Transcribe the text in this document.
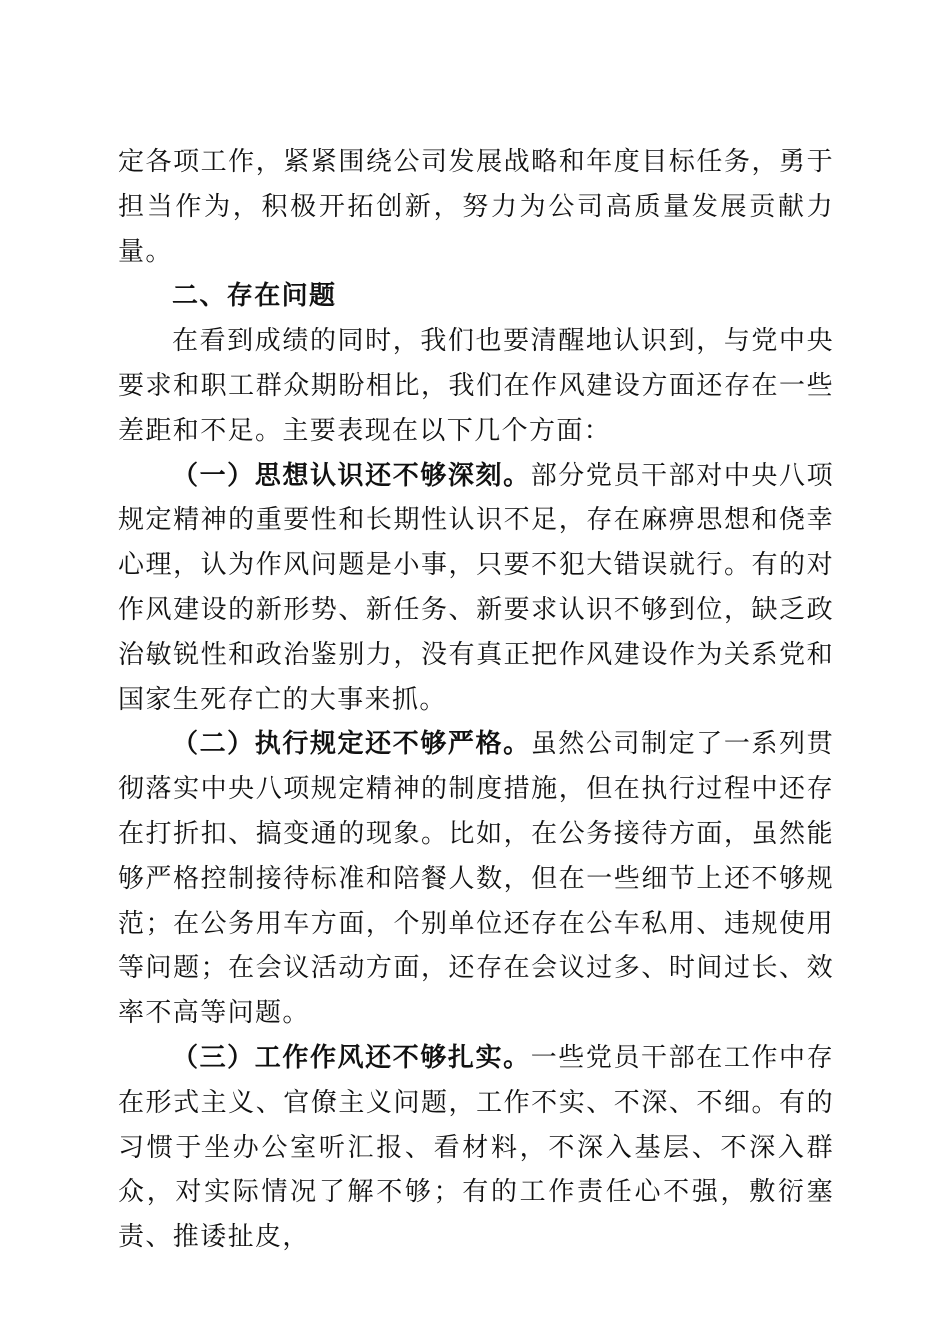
定各项工作，紧紧围绕公司发展战略和年度目标任务，勇于担当作为，积极开拓创新，努力为公司高质量发展贡献力量。

二、存在问题

在看到成绩的同时，我们也要清醒地认识到，与党中央要求和职工群众期盼相比，我们在作风建设方面还存在一些差距和不足。主要表现在以下几个方面：

（一）思想认识还不够深刻。部分党员干部对中央八项规定精神的重要性和长期性认识不足，存在麻痹思想和侥幸心理，认为作风问题是小事，只要不犯大错误就行。有的对作风建设的新形势、新任务、新要求认识不够到位，缺乏政治敏锐性和政治鉴别力，没有真正把作风建设作为关系党和国家生死存亡的大事来抓。

（二）执行规定还不够严格。虽然公司制定了一系列贯彻落实中央八项规定精神的制度措施，但在执行过程中还存在打折扣、搞变通的现象。比如，在公务接待方面，虽然能够严格控制接待标准和陪餐人数，但在一些细节上还不够规范；在公务用车方面，个别单位还存在公车私用、违规使用等问题；在会议活动方面，还存在会议过多、时间过长、效率不高等问题。

（三）工作作风还不够扎实。一些党员干部在工作中存在形式主义、官僚主义问题，工作不实、不深、不细。有的习惯于坐办公室听汇报、看材料，不深入基层、不深入群众，对实际情况了解不够；有的工作责任心不强，敷衍塞责、推诿扯皮，
